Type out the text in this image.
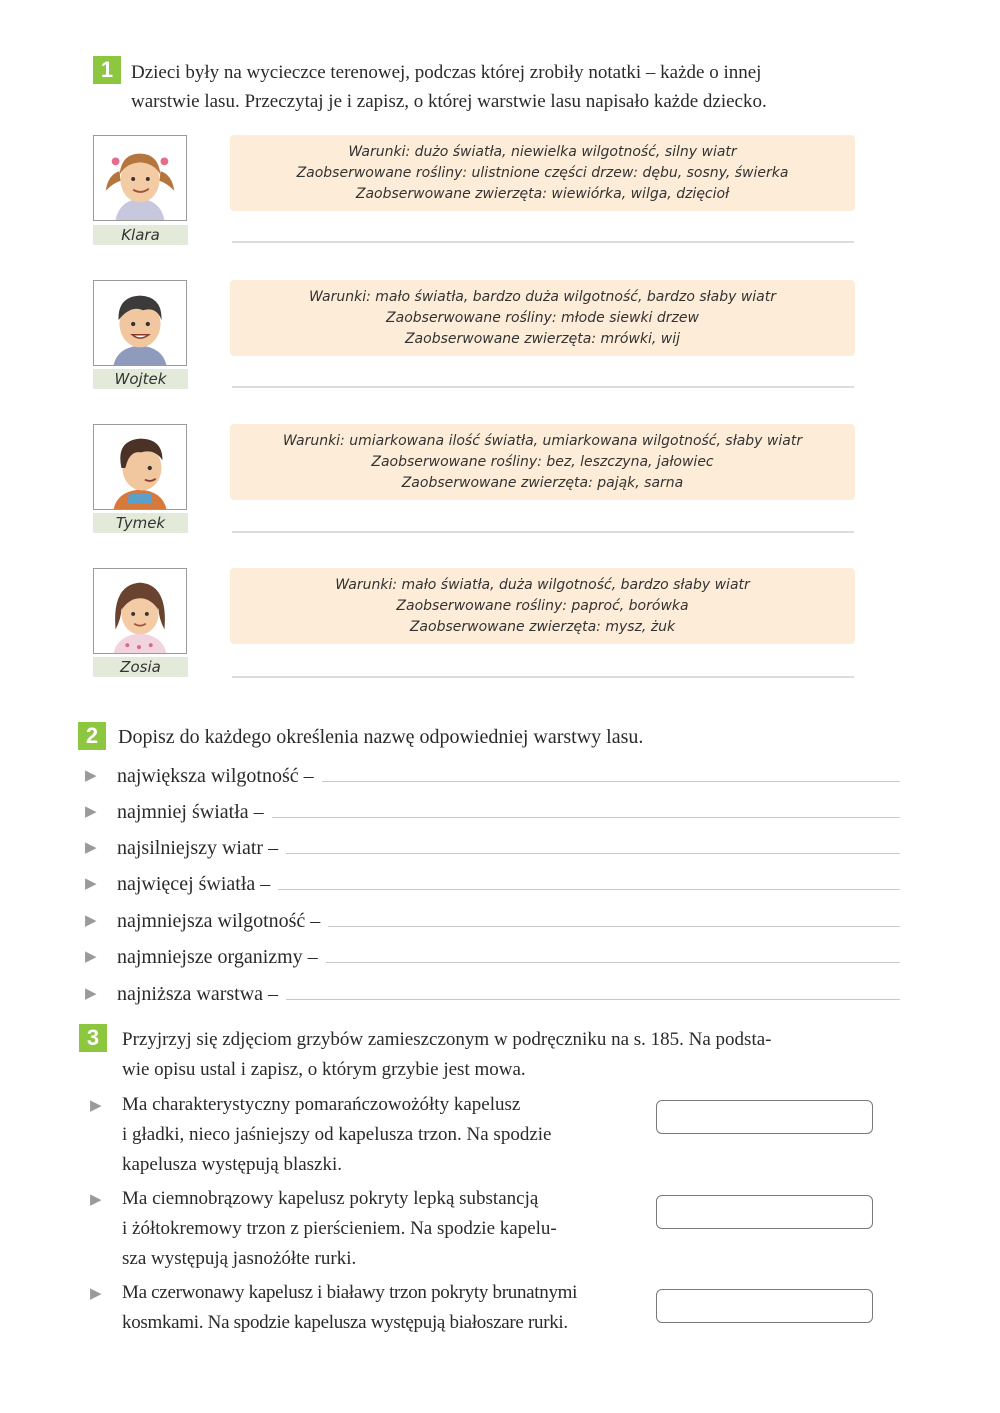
1 Dzieci były na wycieczce terenowej, podczas której zrobiły notatki – każde o innej
warstwie lasu. Przeczytaj je i zapisz, o której warstwie lasu napisało każde dziecko.

Klara
Warunki: dużo światła, niewielka wilgotność, silny wiatr
Zaobserwowane rośliny: ulistnione części drzew: dębu, sosny, świerka
Zaobserwowane zwierzęta: wiewiórka, wilga, dzięcioł
Wojtek
Warunki: mało światła, bardzo duża wilgotność, bardzo słaby wiatr
Zaobserwowane rośliny: młode siewki drzew
Zaobserwowane zwierzęta: mrówki, wij
Tymek
Warunki: umiarkowana ilość światła, umiarkowana wilgotność, słaby wiatr
Zaobserwowane rośliny: bez, leszczyna, jałowiec
Zaobserwowane zwierzęta: pająk, sarna
Zosia
Warunki: mało światła, duża wilgotność, bardzo słaby wiatr
Zaobserwowane rośliny: paproć, borówka
Zaobserwowane zwierzęta: mysz, żuk
2 Dopisz do każdego określenia nazwę odpowiedniej warstwy lasu.

▶	największa wilgotność –
▶	najmniej światła –
▶	najsilniejszy wiatr –
▶	najwięcej światła –
▶	najmniejsza wilgotność –
▶	najmniejsze organizmy –
▶	najniższa warstwa –
3	Przyjrzyj się zdjęciom grzybów zamieszczonym w podręczniku na s. 185. Na podsta-
wie opisu ustal i zapisz, o którym grzybie jest mowa.

▶ Ma charakterystyczny pomarańczowożółty kapelusz
i gładki, nieco jaśniejszy od kapelusza trzon. Na spodzie
kapelusza występują blaszki.

▶ Ma ciemnobrązowy kapelusz pokryty lepką substancją
i żółtokremowy trzon z pierścieniem. Na spodzie kapelu-
sza występują jasnożółte rurki.

▶ Ma czerwonawy kapelusz i białawy trzon pokryty brunatnymi
kosmkami. Na spodzie kapelusza występują białoszare rurki.
